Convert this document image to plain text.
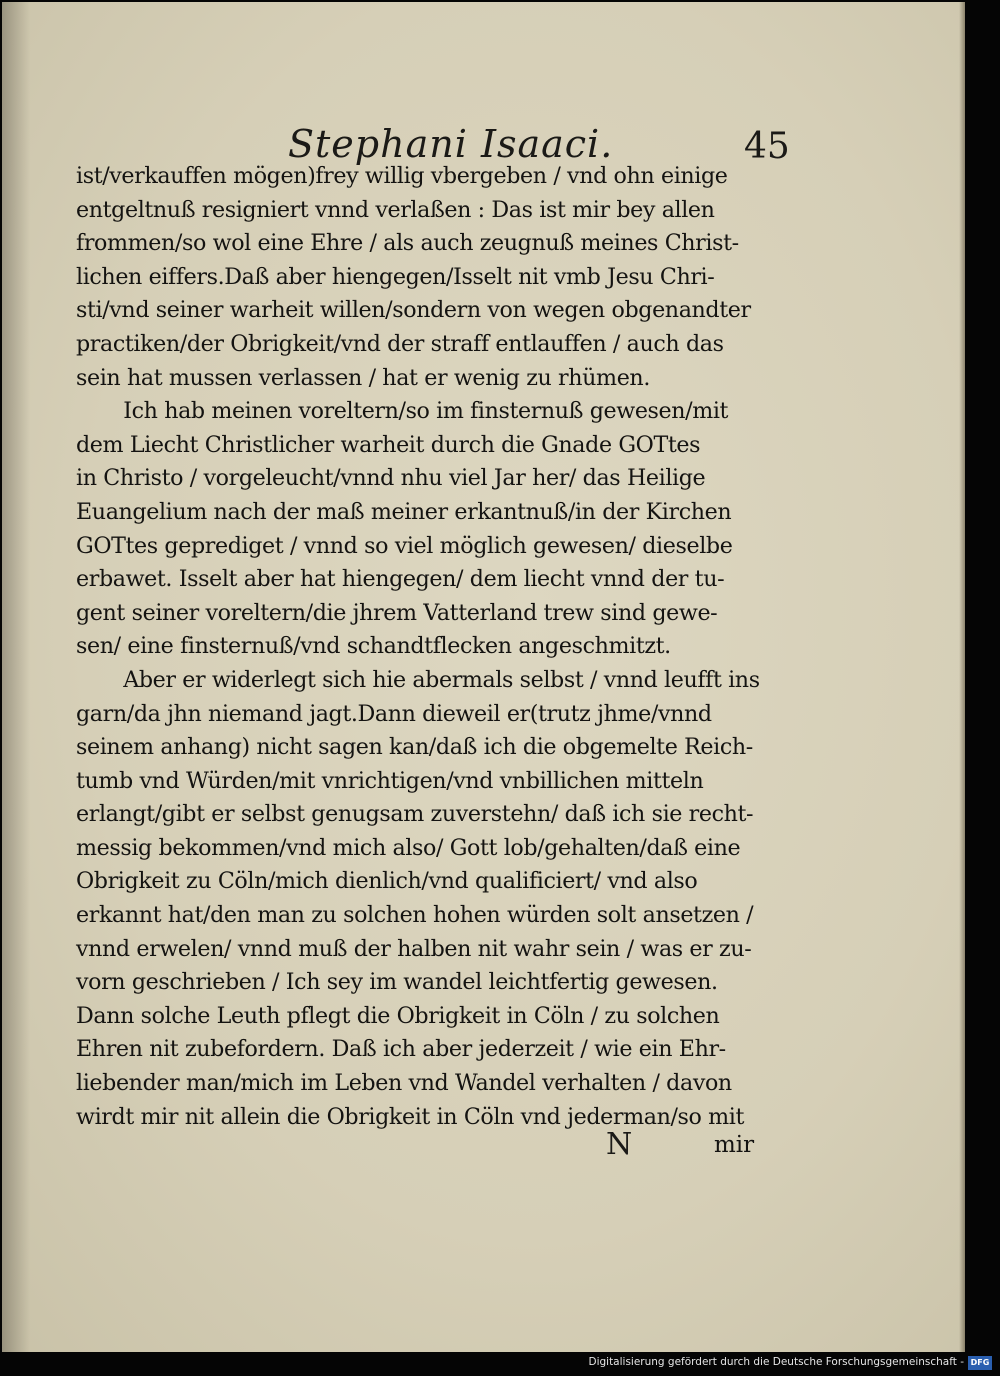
Stephani Isaaci.	45
ist/verkauffen mögen)frey willig vbergeben / vnd ohn einige
entgeltnuß resigniert vnnd verlaßen : Das ist mir bey allen
frommen/so wol eine Ehre / als auch zeugnuß meines Christ-
lichen eiffers.Daß aber hiengegen/Isselt nit vmb Jesu Chri-
sti/vnd seiner warheit willen/sondern von wegen obgenandter
practiken/der Obrigkeit/vnd der straff entlauffen / auch das
sein hat mussen verlassen / hat er wenig zu rhümen.
Ich hab meinen voreltern/so im finsternuß gewesen/mit
dem Liecht Christlicher warheit durch die Gnade GOTtes
in Christo / vorgeleucht/vnnd nhu viel Jar her/ das Heilige
Euangelium nach der maß meiner erkantnuß/in der Kirchen
GOTtes geprediget / vnnd so viel möglich gewesen/ dieselbe
erbawet. Isselt aber hat hiengegen/ dem liecht vnnd der tu-
gent seiner voreltern/die jhrem Vatterland trew sind gewe-
sen/ eine finsternuß/vnd schandtflecken angeschmitzt.
Aber er widerlegt sich hie abermals selbst / vnnd leufft ins
garn/da jhn niemand jagt.Dann dieweil er(trutz jhme/vnnd
seinem anhang) nicht sagen kan/daß ich die obgemelte Reich-
tumb vnd Würden/mit vnrichtigen/vnd vnbillichen mitteln
erlangt/gibt er selbst genugsam zuverstehn/ daß ich sie recht-
messig bekommen/vnd mich also/ Gott lob/gehalten/daß eine
Obrigkeit zu Cöln/mich dienlich/vnd qualificiert/ vnd also
erkannt hat/den man zu solchen hohen würden solt ansetzen /
vnnd erwelen/ vnnd muß der halben nit wahr sein / was er zu-
vorn geschrieben / Ich sey im wandel leichtfertig gewesen.
Dann solche Leuth pflegt die Obrigkeit in Cöln / zu solchen
Ehren nit zubefordern. Daß ich aber jederzeit / wie ein Ehr-
liebender man/mich im Leben vnd Wandel verhalten / davon
wirdt mir nit allein die Obrigkeit in Cöln vnd jederman/so mit
N	mir
Digitalisierung gefördert durch die Deutsche Forschungsgemeinschaft - DFG
